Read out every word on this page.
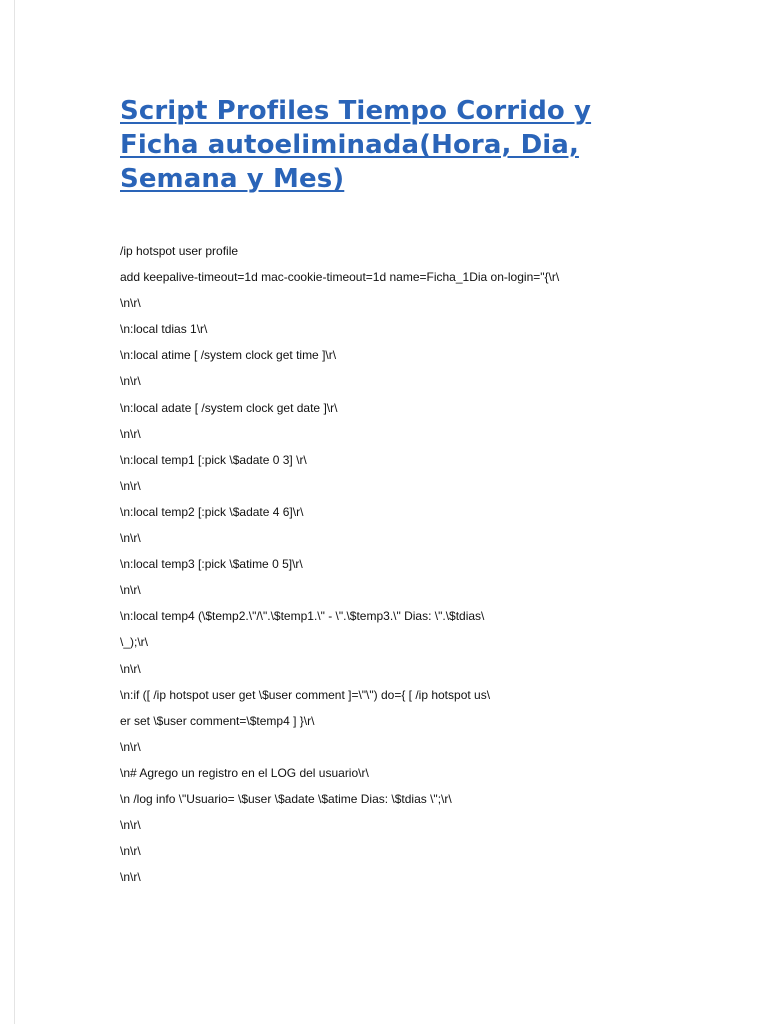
Script Profiles Tiempo Corrido y
Ficha autoeliminada(Hora, Dia,
Semana y Mes)
/ip hotspot user profile
add keepalive-timeout=1d mac-cookie-timeout=1d name=Ficha_1Dia on-login="{\r\
\n\r\
\n:local tdias 1\r\
\n:local atime [ /system clock get time ]\r\
\n\r\
\n:local adate [ /system clock get date ]\r\
\n\r\
\n:local temp1 [:pick \$adate 0 3] \r\
\n\r\
\n:local temp2 [:pick \$adate 4 6]\r\
\n\r\
\n:local temp3 [:pick \$atime 0 5]\r\
\n\r\
\n:local temp4 (\$temp2.\"/\".\$temp1.\" - \".\$temp3.\" Dias: \".\$tdias\
\_);\r\
\n\r\
\n:if ([ /ip hotspot user get \$user comment ]=\"\") do={ [ /ip hotspot us\
er set \$user comment=\$temp4 ] }\r\
\n\r\
\n# Agrego un registro en el LOG del usuario\r\
\n /log info \"Usuario= \$user \$adate \$atime Dias: \$tdias \";\r\
\n\r\
\n\r\
\n\r\
